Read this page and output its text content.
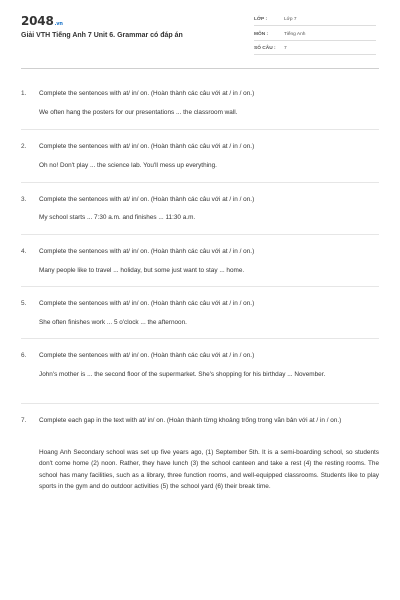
2048.vn
Giải VTH Tiếng Anh 7 Unit 6. Grammar có đáp án
LỚP :	Lớp 7
MÔN :	Tiếng Anh
SỐ CÂU : 7
1. Complete the sentences with at/ in/ on. (Hoàn thành các câu với at / in / on.)
We often hang the posters for our presentations ... the classroom wall.
2. Complete the sentences with at/ in/ on. (Hoàn thành các câu với at / in / on.)
Oh no! Don't play ... the science lab. You'll mess up everything.
3. Complete the sentences with at/ in/ on. (Hoàn thành các câu với at / in / on.)
My school starts ... 7:30 a.m. and finishes ... 11:30 a.m.
4. Complete the sentences with at/ in/ on. (Hoàn thành các câu với at / in / on.)
Many people like to travel ... holiday, but some just want to stay ... home.
5. Complete the sentences with at/ in/ on. (Hoàn thành các câu với at / in / on.)
She often finishes work ... 5 o'clock ... the afternoon.
6. Complete the sentences with at/ in/ on. (Hoàn thành các câu với at / in / on.)
John's mother is ... the second floor of the supermarket. She's shopping for his birthday ... November.
7. Complete each gap in the text with at/ in/ on. (Hoàn thành từng khoảng trống trong văn bản với at / in / on.)
Hoang Anh Secondary school was set up five years ago, (1) September 5th. It is a semi-boarding school, so students don't come home (2) noon. Rather, they have lunch (3) the school canteen and take a rest (4) the resting rooms. The school has many facilities, such as a library, three function rooms, and well-equipped classrooms. Students like to play sports in the gym and do outdoor activities (5) the school yard (6) their break time.
